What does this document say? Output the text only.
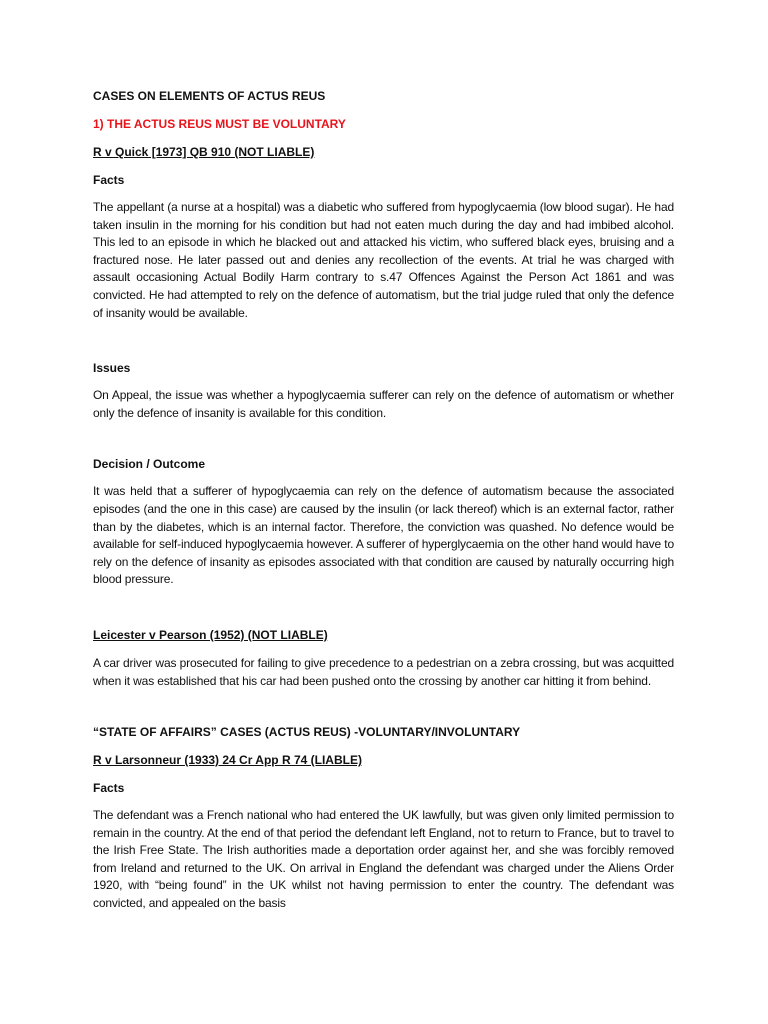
CASES ON ELEMENTS OF ACTUS REUS
1) THE ACTUS REUS MUST BE VOLUNTARY
R v Quick [1973] QB 910 (NOT LIABLE)
Facts
The appellant (a nurse at a hospital) was a diabetic who suffered from hypoglycaemia (low blood sugar). He had taken insulin in the morning for his condition but had not eaten much during the day and had imbibed alcohol. This led to an episode in which he blacked out and attacked his victim, who suffered black eyes, bruising and a fractured nose. He later passed out and denies any recollection of the events. At trial he was charged with assault occasioning Actual Bodily Harm contrary to s.47 Offences Against the Person Act 1861 and was convicted. He had attempted to rely on the defence of automatism, but the trial judge ruled that only the defence of insanity would be available.
Issues
On Appeal, the issue was whether a hypoglycaemia sufferer can rely on the defence of automatism or whether only the defence of insanity is available for this condition.
Decision / Outcome
It was held that a sufferer of hypoglycaemia can rely on the defence of automatism because the associated episodes (and the one in this case) are caused by the insulin (or lack thereof) which is an external factor, rather than by the diabetes, which is an internal factor. Therefore, the conviction was quashed. No defence would be available for self-induced hypoglycaemia however. A sufferer of hyperglycaemia on the other hand would have to rely on the defence of insanity as episodes associated with that condition are caused by naturally occurring high blood pressure.
Leicester v Pearson (1952) (NOT LIABLE)
A car driver was prosecuted for failing to give precedence to a pedestrian on a zebra crossing, but was acquitted when it was established that his car had been pushed onto the crossing by another car hitting it from behind.
“STATE OF AFFAIRS” CASES (ACTUS REUS) -VOLUNTARY/INVOLUNTARY
R v Larsonneur (1933) 24 Cr App R 74 (LIABLE)
Facts
The defendant was a French national who had entered the UK lawfully, but was given only limited permission to remain in the country. At the end of that period the defendant left England, not to return to France, but to travel to the Irish Free State. The Irish authorities made a deportation order against her, and she was forcibly removed from Ireland and returned to the UK. On arrival in England the defendant was charged under the Aliens Order 1920, with “being found” in the UK whilst not having permission to enter the country. The defendant was convicted, and appealed on the basis
